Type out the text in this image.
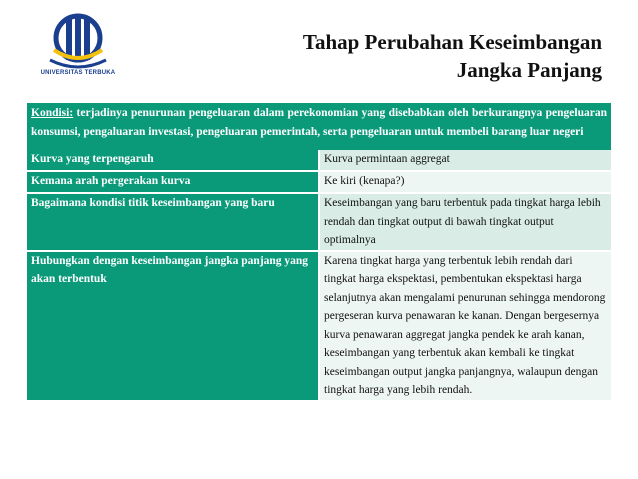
UNIVERSITAS TERBUKA
Tahap Perubahan Keseimbangan
Jangka Panjang
Kondisi: terjadinya penurunan pengeluaran dalam perekonomian yang disebabkan oleh berkurangnya pengeluaran konsumsi, pengaluaran investasi, pengeluaran pemerintah, serta pengeluaran untuk membeli barang luar negeri	
Kurva yang terpengaruh	Kurva permintaan aggregat
Kemana arah pergerakan kurva	Ke kiri (kenapa?)
Bagaimana kondisi titik keseimbangan yang baru	Keseimbangan yang baru terbentuk pada tingkat harga lebih rendah dan tingkat output di bawah tingkat output optimalnya
Hubungkan dengan keseimbangan jangka panjang yang akan terbentuk	Karena tingkat harga yang terbentuk lebih rendah dari tingkat harga ekspektasi, pembentukan ekspektasi harga selanjutnya akan mengalami penurunan sehingga mendorong pergeseran kurva penawaran ke kanan. Dengan bergesernya kurva penawaran aggregat jangka pendek ke arah kanan, keseimbangan yang terbentuk akan kembali ke tingkat keseimbangan output jangka panjangnya, walaupun dengan tingkat harga yang lebih rendah.
